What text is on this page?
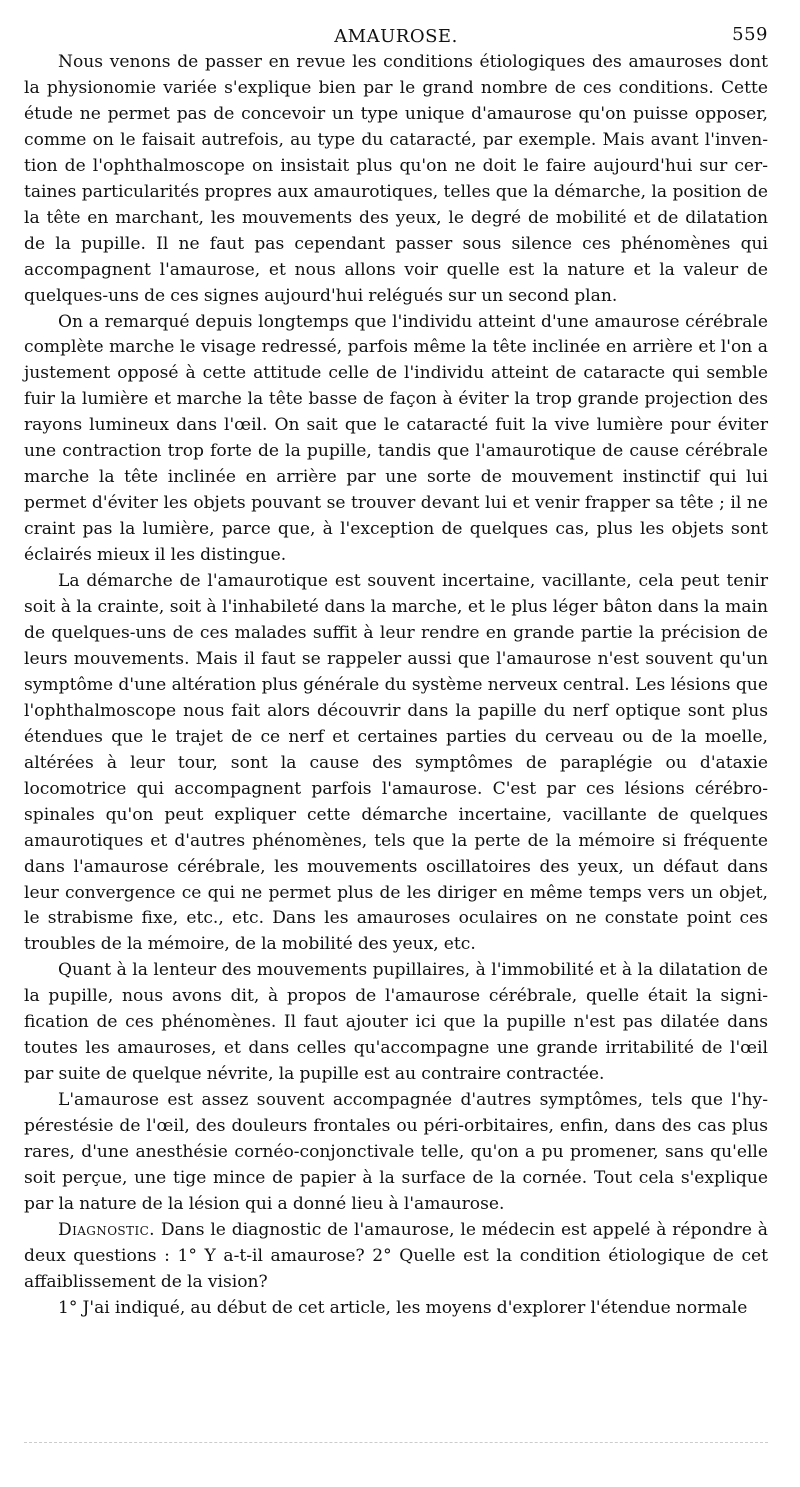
AMAUROSE.	559

Nous venons de passer en revue les conditions étiologiques des amauroses dont la physionomie variée s'explique bien par le grand nombre de ces conditions. Cette étude ne permet pas de concevoir un type unique d'amaurose qu'on puisse opposer, comme on le faisait autrefois, au type du cataracté, par exemple. Mais avant l'invention de l'ophthalmoscope on insistait plus qu'on ne doit le faire aujourd'hui sur certaines particularités propres aux amaurotiques, telles que la démarche, la position de la tête en marchant, les mouvements des yeux, le degré de mobilité et de dilatation de la pupille. Il ne faut pas cependant passer sous silence ces phénomènes qui accompagnent l'amaurose, et nous allons voir quelle est la nature et la valeur de quelques-uns de ces signes aujourd'hui relégués sur un second plan.

On a remarqué depuis longtemps que l'individu atteint d'une amaurose cérébrale complète marche le visage redressé, parfois même la tête inclinée en arrière et l'on a justement opposé à cette attitude celle de l'individu atteint de cataracte qui semble fuir la lumière et marche la tête basse de façon à éviter la trop grande projection des rayons lumineux dans l'œil. On sait que le cataracté fuit la vive lumière pour éviter une contraction trop forte de la pupille, tandis que l'amaurotique de cause cérébrale marche la tête inclinée en arrière par une sorte de mouvement instinctif qui lui permet d'éviter les objets pouvant se trouver devant lui et venir frapper sa tête ; il ne craint pas la lumière, parce que, à l'exception de quelques cas, plus les objets sont éclairés mieux il les distingue.

La démarche de l'amaurotique est souvent incertaine, vacillante, cela peut tenir soit à la crainte, soit à l'inhabileté dans la marche, et le plus léger bâton dans la main de quelques-uns de ces malades suffit à leur rendre en grande partie la précision de leurs mouvements. Mais il faut se rappeler aussi que l'amaurose n'est souvent qu'un symptôme d'une altération plus générale du système nerveux central. Les lésions que l'ophthalmoscope nous fait alors découvrir dans la papille du nerf optique sont plus étendues que le trajet de ce nerf et certaines parties du cerveau ou de la moelle, altérées à leur tour, sont la cause des symptômes de paraplégie ou d'ataxie locomotrice qui accompagnent parfois l'amaurose. C'est par ces lésions cérébrospinales qu'on peut expliquer cette démarche incertaine, vacillante de quelques amaurotiques et d'autres phénomènes, tels que la perte de la mémoire si fréquente dans l'amaurose cérébrale, les mouvements oscillatoires des yeux, un défaut dans leur convergence ce qui ne permet plus de les diriger en même temps vers un objet, le strabisme fixe, etc., etc. Dans les amauroses oculaires on ne constate point ces troubles de la mémoire, de la mobilité des yeux, etc.

Quant à la lenteur des mouvements pupillaires, à l'immobilité et à la dilatation de la pupille, nous avons dit, à propos de l'amaurose cérébrale, quelle était la signification de ces phénomènes. Il faut ajouter ici que la pupille n'est pas dilatée dans toutes les amauroses, et dans celles qu'accompagne une grande irritabilité de l'œil par suite de quelque névrite, la pupille est au contraire contractée.

L'amaurose est assez souvent accompagnée d'autres symptômes, tels que l'hypérestésie de l'œil, des douleurs frontales ou péri-orbitaires, enfin, dans des cas plus rares, d'une anesthésie cornéo-conjonctivale telle, qu'on a pu promener, sans qu'elle soit perçue, une tige mince de papier à la surface de la cornée. Tout cela s'explique par la nature de la lésion qui a donné lieu à l'amaurose.

Diagnostic. Dans le diagnostic de l'amaurose, le médecin est appelé à répondre à deux questions : 1° Y a-t-il amaurose? 2° Quelle est la condition étiologique de cet affaiblissement de la vision?

1° J'ai indiqué, au début de cet article, les moyens d'explorer l'étendue normale
